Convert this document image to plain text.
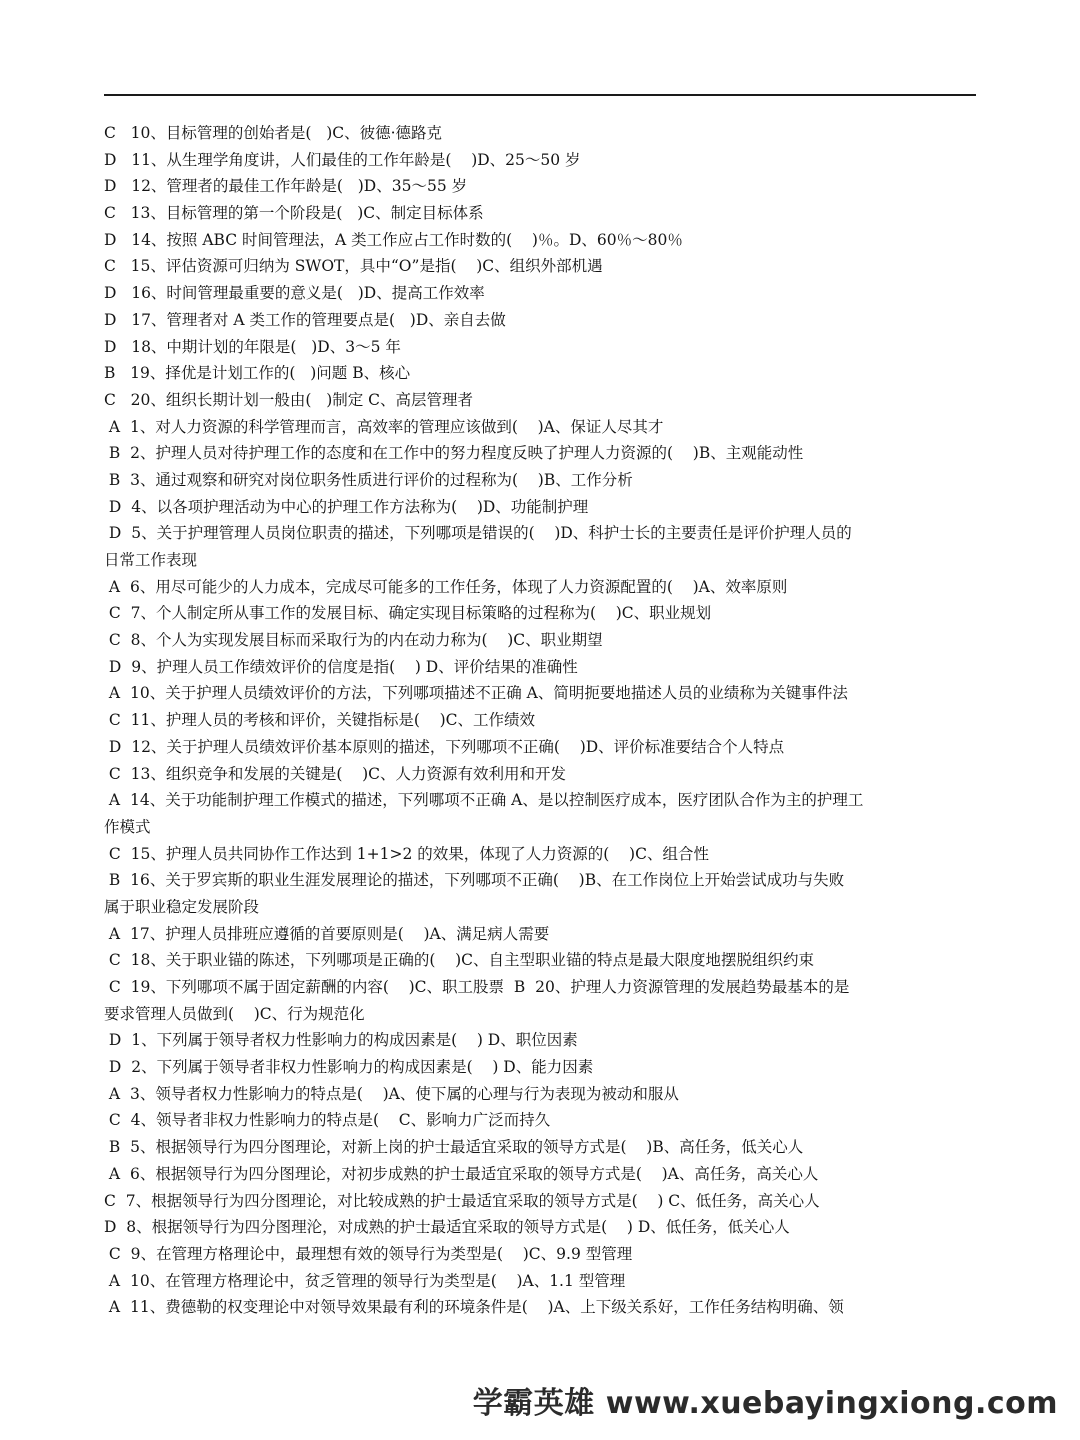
C   10、目标管理的创始者是(   )C、彼德·德路克
D   11、从生理学角度讲，人们最佳的工作年龄是(    )D、25～50 岁
D   12、管理者的最佳工作年龄是(   )D、35～55 岁
C   13、目标管理的第一个阶段是(   )C、制定目标体系
D   14、按照 ABC 时间管理法，A 类工作应占工作时数的(    )％。D、60％～80％
C   15、评估资源可归纳为 SWOT，具中“O”是指(    )C、组织外部机遇
D   16、时间管理最重要的意义是(   )D、提高工作效率
D   17、管理者对 A 类工作的管理要点是(   )D、亲自去做
D   18、中期计划的年限是(   )D、3～5 年
B   19、择优是计划工作的(   )问题 B、核心
C   20、组织长期计划一般由(   )制定 C、高层管理者
A  1、对人力资源的科学管理而言，高效率的管理应该做到(    )A、保证人尽其才
B  2、护理人员对待护理工作的态度和在工作中的努力程度反映了护理人力资源的(    )B、主观能动性
B  3、通过观察和研究对岗位职务性质进行评价的过程称为(    )B、工作分析
D  4、以各项护理活动为中心的护理工作方法称为(    )D、功能制护理
D  5、关于护理管理人员岗位职责的描述，下列哪项是错误的(    )D、科护士长的主要责任是评价护理人员的
日常工作表现
A  6、用尽可能少的人力成本，完成尽可能多的工作任务，体现了人力资源配置的(    )A、效率原则
C  7、个人制定所从事工作的发展目标、确定实现目标策略的过程称为(    )C、职业规划
C  8、个人为实现发展目标而采取行为的内在动力称为(    )C、职业期望
D  9、护理人员工作绩效评价的信度是指(    ) D、评价结果的准确性
A  10、关于护理人员绩效评价的方法，下列哪项描述不正确 A、简明扼要地描述人员的业绩称为关键事件法
C  11、护理人员的考核和评价，关键指标是(    )C、工作绩效
D  12、关于护理人员绩效评价基本原则的描述，下列哪项不正确(    )D、评价标准要结合个人特点
C  13、组织竞争和发展的关键是(    )C、人力资源有效利用和开发
A  14、关于功能制护理工作模式的描述，下列哪项不正确 A、是以控制医疗成本，医疗团队合作为主的护理工
作模式
C  15、护理人员共同协作工作达到 1+1>2 的效果，体现了人力资源的(    )C、组合性
B  16、关于罗宾斯的职业生涯发展理论的描述，下列哪项不正确(    )B、在工作岗位上开始尝试成功与失败
属于职业稳定发展阶段
A  17、护理人员排班应遵循的首要原则是(    )A、满足病人需要
C  18、关于职业锚的陈述，下列哪项是正确的(    )C、自主型职业锚的特点是最大限度地摆脱组织约束
C  19、下列哪项不属于固定薪酬的内容(    )C、职工股票  B  20、护理人力资源管理的发展趋势最基本的是
要求管理人员做到(    )C、行为规范化
D  1、下列属于领导者权力性影响力的构成因素是(    ) D、职位因素
D  2、下列属于领导者非权力性影响力的构成因素是(    ) D、能力因素
A  3、领导者权力性影响力的特点是(    )A、使下属的心理与行为表现为被动和服从
C  4、领导者非权力性影响力的特点是(    C、影响力广泛而持久
B  5、根据领导行为四分图理论，对新上岗的护士最适宜采取的领导方式是(    )B、高任务，低关心人
A  6、根据领导行为四分图理论，对初步成熟的护士最适宜采取的领导方式是(    )A、高任务，高关心人
C  7、根据领导行为四分图理论，对比较成熟的护士最适宜采取的领导方式是(    ) C、低任务，高关心人
D  8、根据领导行为四分图理沦，对成熟的护士最适宜采取的领导方式是(    ) D、低任务，低关心人
C  9、在管理方格理论中，最理想有效的领导行为类型是(    )C、9.9 型管理
A  10、在管理方格理论中，贫乏管理的领导行为类型是(    )A、1.1 型管理
A  11、费德勒的权变理论中对领导效果最有利的环境条件是(    )A、上下级关系好，工作任务结构明确、领
学霸英雄 www.xuebayingxiong.com
